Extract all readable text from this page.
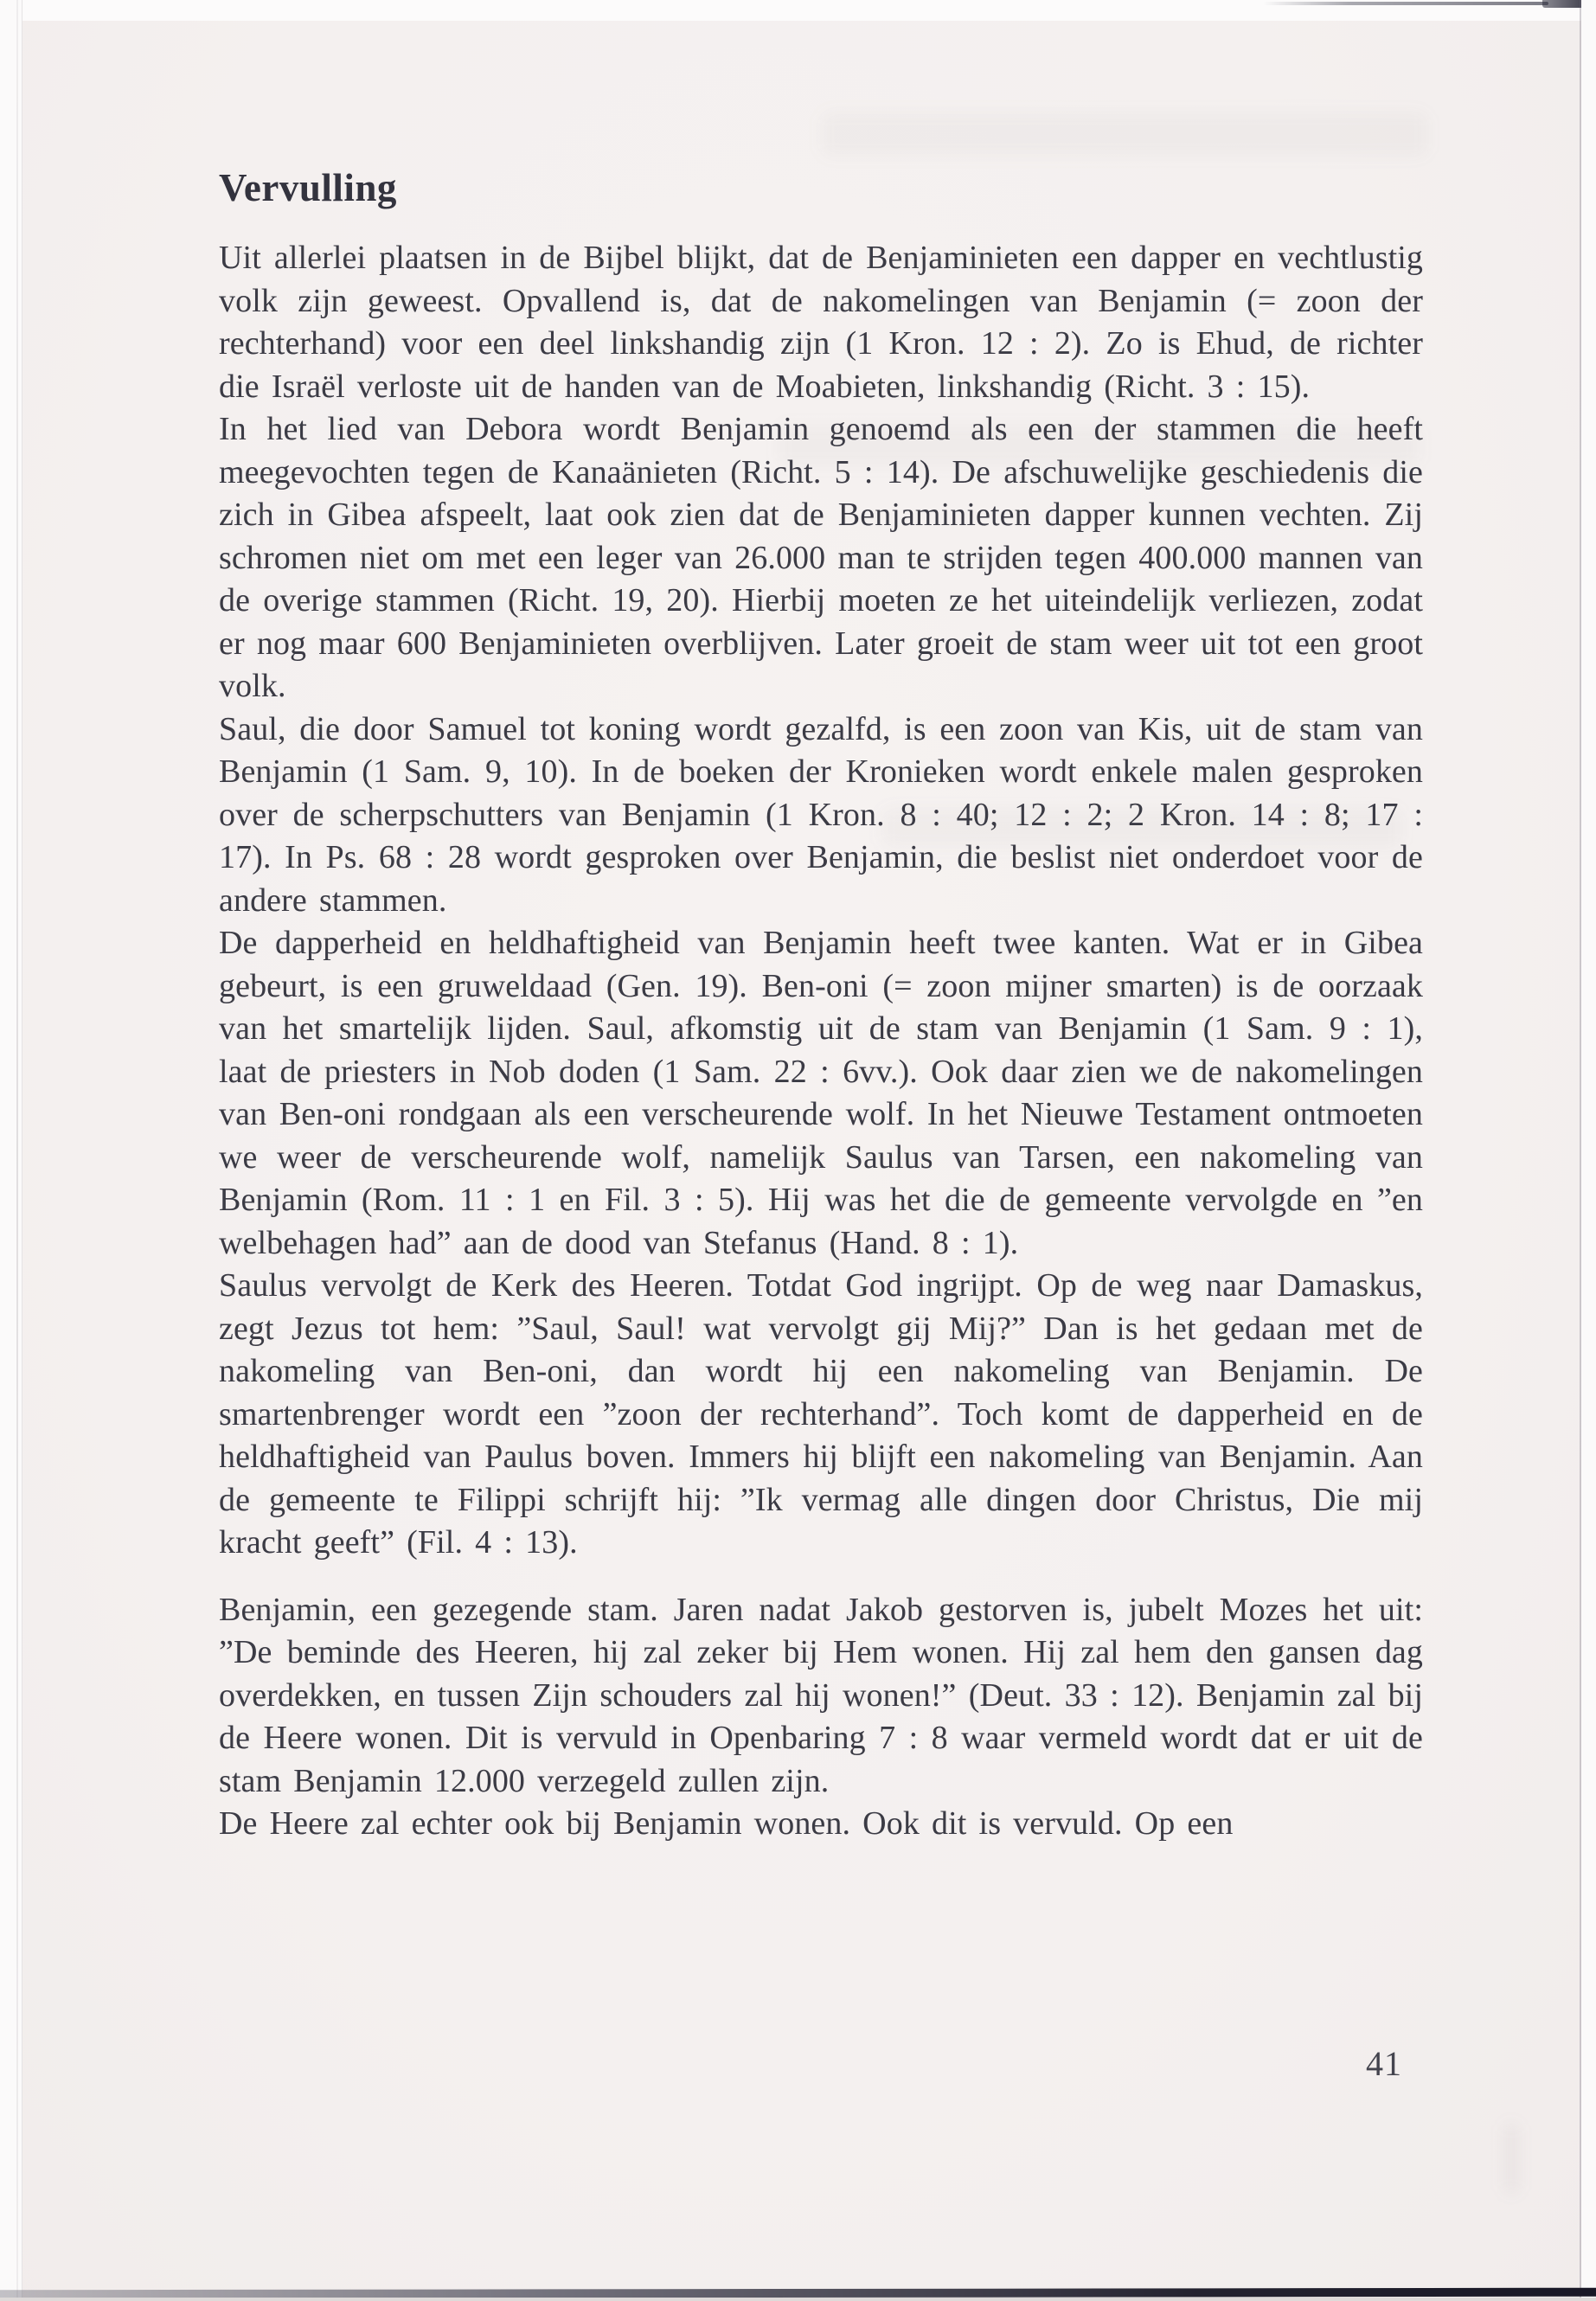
Vervulling

Uit allerlei plaatsen in de Bijbel blijkt, dat de Benjaminieten een dapper en vechtlustig volk zijn geweest. Opvallend is, dat de nakomelingen van Benjamin (= zoon der rechterhand) voor een deel linkshandig zijn (1 Kron. 12 : 2). Zo is Ehud, de richter die Israël verloste uit de handen van de Moabieten, linkshandig (Richt. 3 : 15).

In het lied van Debora wordt Benjamin genoemd als een der stammen die heeft meegevochten tegen de Kanaänieten (Richt. 5 : 14). De afschuwelijke geschiedenis die zich in Gibea afspeelt, laat ook zien dat de Benjaminieten dapper kunnen vechten. Zij schromen niet om met een leger van 26.000 man te strijden tegen 400.000 mannen van de overige stammen (Richt. 19, 20). Hierbij moeten ze het uiteindelijk verliezen, zodat er nog maar 600 Benjaminieten overblijven. Later groeit de stam weer uit tot een groot volk.

Saul, die door Samuel tot koning wordt gezalfd, is een zoon van Kis, uit de stam van Benjamin (1 Sam. 9, 10). In de boeken der Kronieken wordt enkele malen gesproken over de scherpschutters van Benjamin (1 Kron. 8 : 40; 12 : 2; 2 Kron. 14 : 8; 17 : 17). In Ps. 68 : 28 wordt gesproken over Benjamin, die beslist niet onderdoet voor de andere stammen.

De dapperheid en heldhaftigheid van Benjamin heeft twee kanten. Wat er in Gibea gebeurt, is een gruweldaad (Gen. 19). Ben-oni (= zoon mijner smarten) is de oorzaak van het smartelijk lijden. Saul, afkomstig uit de stam van Benjamin (1 Sam. 9 : 1), laat de priesters in Nob doden (1 Sam. 22 : 6vv.). Ook daar zien we de nakomelingen van Ben-oni rondgaan als een verscheurende wolf. In het Nieuwe Testament ontmoeten we weer de verscheurende wolf, namelijk Saulus van Tarsen, een nakomeling van Benjamin (Rom. 11 : 1 en Fil. 3 : 5). Hij was het die de gemeente vervolgde en ”en welbehagen had” aan de dood van Stefanus (Hand. 8 : 1).

Saulus vervolgt de Kerk des Heeren. Totdat God ingrijpt. Op de weg naar Damaskus, zegt Jezus tot hem: ”Saul, Saul! wat vervolgt gij Mij?” Dan is het gedaan met de nakomeling van Ben-oni, dan wordt hij een nakomeling van Benjamin. De smartenbrenger wordt een ”zoon der rechterhand”. Toch komt de dapperheid en de heldhaftigheid van Paulus boven. Immers hij blijft een nakomeling van Benjamin. Aan de gemeente te Filippi schrijft hij: ”Ik vermag alle dingen door Christus, Die mij kracht geeft” (Fil. 4 : 13).

Benjamin, een gezegende stam. Jaren nadat Jakob gestorven is, jubelt Mozes het uit: ”De beminde des Heeren, hij zal zeker bij Hem wonen. Hij zal hem den gansen dag overdekken, en tussen Zijn schouders zal hij wonen!” (Deut. 33 : 12). Benjamin zal bij de Heere wonen. Dit is vervuld in Openbaring 7 : 8 waar vermeld wordt dat er uit de stam Benjamin 12.000 verzegeld zullen zijn.

De Heere zal echter ook bij Benjamin wonen. Ook dit is vervuld. Op een

41
